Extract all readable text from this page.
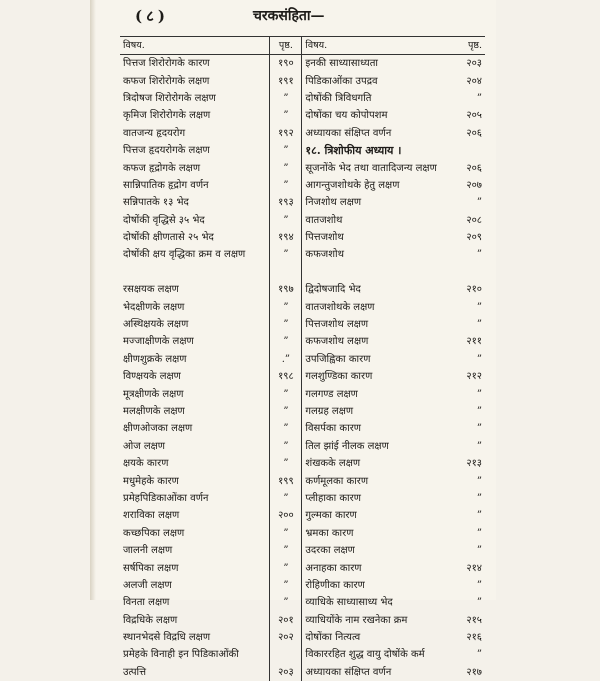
(८)	चरकसंहिता—
विषय.	पृष्ठ.	विषय.	पृष्ठ.
पित्तज शिरोरोगके कारण	१९०	इनकी साध्यासाध्यता	२०३
कफज शिरोरोगके लक्षण	१९१	पिडिकाओंका उपद्रव	२०४
त्रिदोषज शिरोरोगके लक्षण	”	दोषोंकी त्रिविधगति	”
कृमिज शिरोरोगके लक्षण	”	दोषोंका चय कोपोपशम	२०५
वातजन्य हृदयरोग	१९२	अध्यायका संक्षिप्त वर्णन	२०६
पित्तज हृदयरोगके लक्षण	”	१८. त्रिशोफीय अध्याय ।	
कफज हृद्रोगके लक्षण	”	सूजनोंके भेद तथा वातादिजन्य लक्षण	२०६
सान्निपातिक हृद्रोग वर्णन	”	आगन्तुजशोथके हेतु लक्षण	२०७
सन्निपातके १३ भेद	१९३	निजशोथ लक्षण	”
दोषोंकी वृद्धिसे ३५ भेद	”	वातजशोथ	२०८
दोषोंकी क्षीणतासे २५ भेद	१९४	पित्तजशोथ	२०९
दोषोंकी क्षय वृद्धिका क्रम व लक्षण	”	कफजशोथ	”

रसक्षयक लक्षण	१९७	द्विदोषजादि भेद	२१०
भेदक्षीणके लक्षण	”	वातजशोथके लक्षण	”
अस्थिक्षयके लक्षण	”	पित्तजशोथ लक्षण	”
मज्जाक्षीणके लक्षण	”	कफजशोथ लक्षण	२११
क्षीणशुक्रके लक्षण	.”	उपजिह्विका कारण	”
विण्क्षयके लक्षण	१९८	गलशुण्डिका कारण	२१२
मूत्रक्षीणके लक्षण	”	गलगण्ड लक्षण	”
मलक्षीणके लक्षण	”	गलग्रह लक्षण	”
क्षीणओजका लक्षण	”	विसर्पका कारण	”
ओज लक्षण	”	तिल झांई नीलक लक्षण	”
क्षयके कारण	”	शंखकके लक्षण	२१३
मधुमेहके कारण	१९९	कर्णमूलका कारण	”
प्रमेहपिडिकाओंका वर्णन	”	प्लीहाका कारण	”
शराविका लक्षण	२००	गुल्मका कारण	”
कच्छपिका लक्षण	”	भ्रमका कारण	”
जालनी लक्षण	”	उदरका लक्षण	”
सर्षपिका लक्षण	”	अनाहका कारण	२१४
अलजी लक्षण	”	रोहिणीका कारण	”
विनता लक्षण	”	व्याधिके साध्यासाध्य भेद	”
विद्रधिके लक्षण	२०१	व्याधियोंके नाम रखनेका क्रम	२१५
स्थानभेदसे विद्रधि लक्षण	२०२	दोषोंका नित्यत्व	२१६
प्रमेहके विनाही इन पिडिकाओंकी		विकाररहित शुद्ध वायु दोषोंके कर्म	”
उत्पत्ति	२०३	अध्यायका संक्षिप्त वर्णन	२१७
